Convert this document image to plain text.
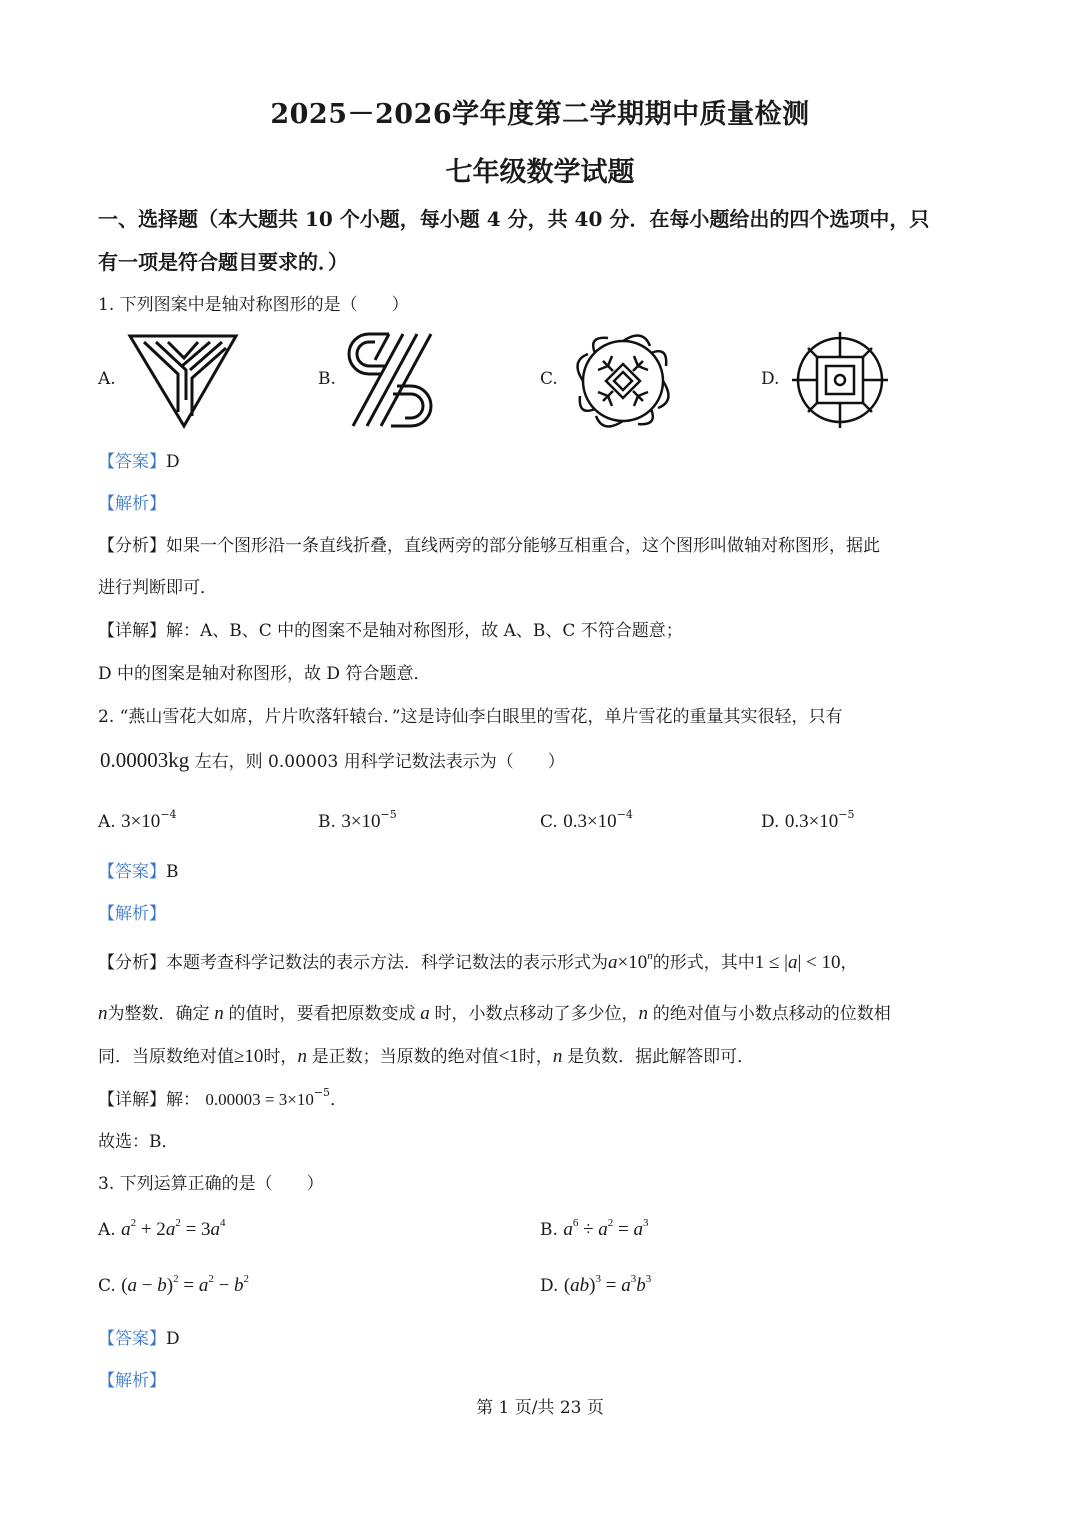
2025－2026学年度第二学期期中质量检测
七年级数学试题
一、选择题（本大题共 10 个小题，每小题 4 分，共 40 分．在每小题给出的四个选项中，只
有一项是符合题目要求的．）
1. 下列图案中是轴对称图形的是（　　）
A.	B.	C.	D.
【答案】D
【解析】
【分析】如果一个图形沿一条直线折叠，直线两旁的部分能够互相重合，这个图形叫做轴对称图形，据此
进行判断即可．
【详解】解：A、B、C 中的图案不是轴对称图形，故 A、B、C 不符合题意；
D 中的图案是轴对称图形，故 D 符合题意．
2. “燕山雪花大如席，片片吹落轩辕台．”这是诗仙李白眼里的雪花，单片雪花的重量其实很轻，只有
0.00003kg 左右，则 0.00003 用科学记数法表示为（　　）
A. $3\times 10^{-4}$	B. $3\times 10^{-5}$	C. $0.3\times 10^{-4}$	D. $0.3\times 10^{-5}$
【答案】B
【解析】
【分析】本题考查科学记数法的表示方法．科学记数法的表示形式为$a\times 10^n$的形式，其中1 ≤ |a| < 10，
n为整数．确定 n 的值时，要看把原数变成 a 时，小数点移动了多少位，n 的绝对值与小数点移动的位数相
同．当原数绝对值≥10时，n 是正数；当原数的绝对值<1时，n 是负数．据此解答即可．
【详解】解： $0.00003 = 3\times 10^{-5}$．
故选：B．
3. 下列运算正确的是（　　）
A. $a^2 + 2a^2 = 3a^4$	B. $a^6 \div a^2 = a^3$
C. $(a - b)^2 = a^2 - b^2$	D. $(ab)^3 = a^3b^3$
【答案】D
【解析】
第 1 页/共 23 页
